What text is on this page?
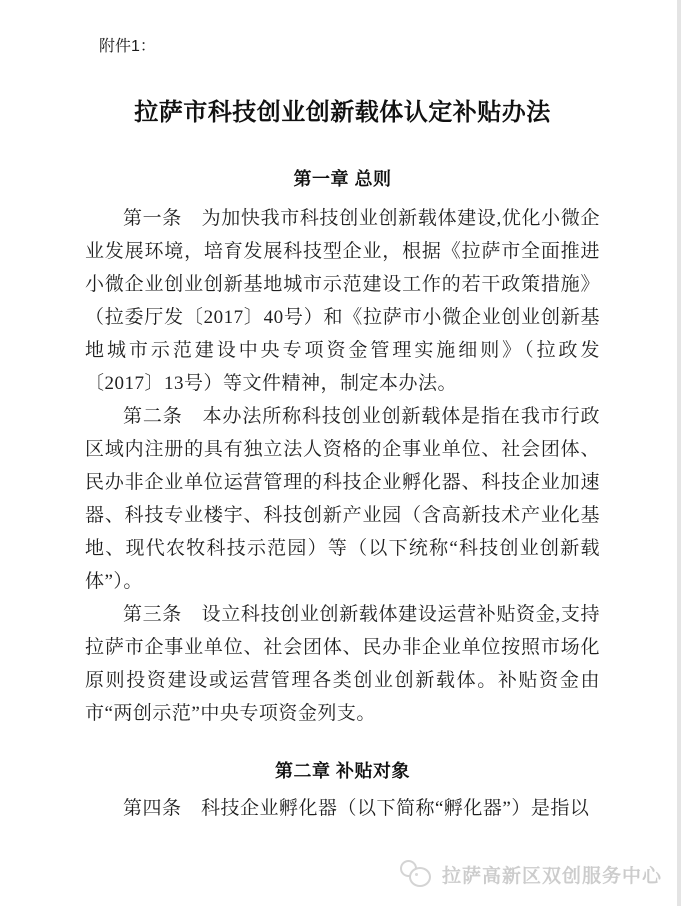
附件1：
拉萨市科技创业创新载体认定补贴办法
第一章 总则

第一条　为加快我市科技创业创新载体建设,优化小微企业发展环境，培育发展科技型企业，根据《拉萨市全面推进小微企业创业创新基地城市示范建设工作的若干政策措施》（拉委厅发〔2017〕40号）和《拉萨市小微企业创业创新基地城市示范建设中央专项资金管理实施细则》（拉政发〔2017〕13号）等文件精神，制定本办法。

第二条　本办法所称科技创业创新载体是指在我市行政区域内注册的具有独立法人资格的企事业单位、社会团体、民办非企业单位运营管理的科技企业孵化器、科技企业加速器、科技专业楼宇、科技创新产业园（含高新技术产业化基地、现代农牧科技示范园）等（以下统称“科技创业创新载体”）。

第三条　设立科技创业创新载体建设运营补贴资金,支持拉萨市企事业单位、社会团体、民办非企业单位按照市场化原则投资建设或运营管理各类创业创新载体。补贴资金由市“两创示范”中央专项资金列支。

第二章 补贴对象

第四条　科技企业孵化器（以下简称“孵化器”）是指以

拉萨高新区双创服务中心
